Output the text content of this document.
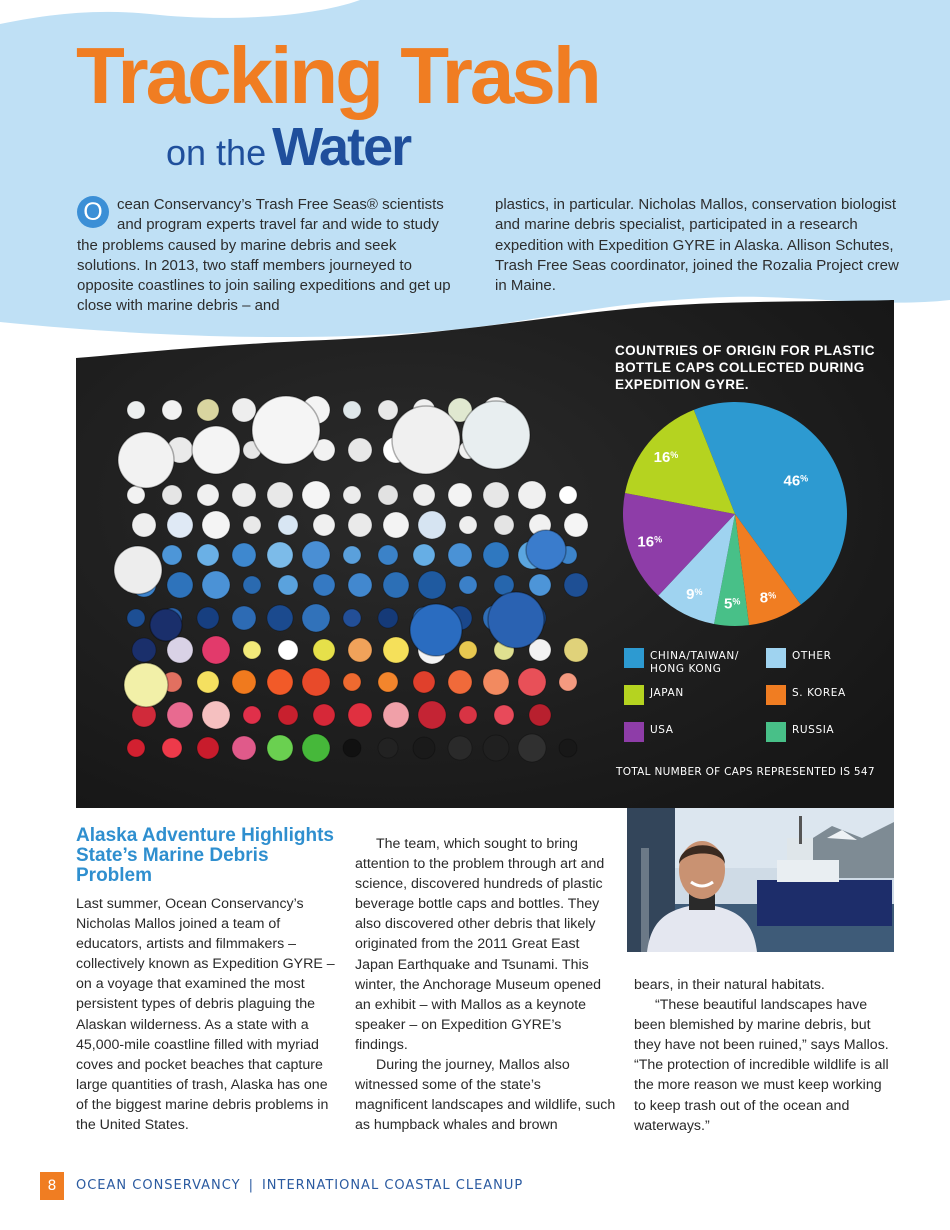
Tracking Trash
on the Water

O cean Conservancy’s Trash Free Seas® scientists and program experts travel far and wide to study the problems caused by marine debris and seek solutions. In 2013, two staff members journeyed to opposite coastlines to join sailing expeditions and get up close with marine debris – and

plastics, in particular. Nicholas Mallos, conservation biologist and marine debris specialist, participated in a research expedition with Expedition GYRE in Alaska. Allison Schutes, Trash Free Seas coordinator, joined the Rozalia Project crew in Maine.

COUNTRIES OF ORIGIN FOR PLASTIC BOTTLE CAPS COLLECTED DURING EXPEDITION GYRE.
46%
8%
5%
9%
16%
16%
CHINA/TAIWAN/ HONG KONG
OTHER
JAPAN	S. KOREA
USA	RUSSIA
TOTAL NUMBER OF CAPS REPRESENTED IS 547
Alaska Adventure Highlights State’s Marine Debris Problem

Last summer, Ocean Conservancy’s Nicholas Mallos joined a team of educators, artists and filmmakers – collectively known as Expedition GYRE – on a voyage that examined the most persistent types of debris plaguing the Alaskan wilderness. As a state with a 45,000-mile coastline filled with myriad coves and pocket beaches that capture large quantities of trash, Alaska has one of the biggest marine debris problems in the United States.

The team, which sought to bring attention to the problem through art and science, discovered hundreds of plastic beverage bottle caps and bottles. They also discovered other debris that likely originated from the 2011 Great East Japan Earthquake and Tsunami. This winter, the Anchorage Museum opened an exhibit – with Mallos as a keynote speaker – on Expedition GYRE’s findings.

During the journey, Mallos also witnessed some of the state’s magnificent landscapes and wildlife, such as humpback whales and brown

bears, in their natural habitats.

“These beautiful landscapes have been blemished by marine debris, but they have not been ruined,” says Mallos. “The protection of incredible wildlife is all the more reason we must keep working to keep trash out of the ocean and waterways.”

8	OCEAN CONSERVANCY | INTERNATIONAL COASTAL CLEANUP
